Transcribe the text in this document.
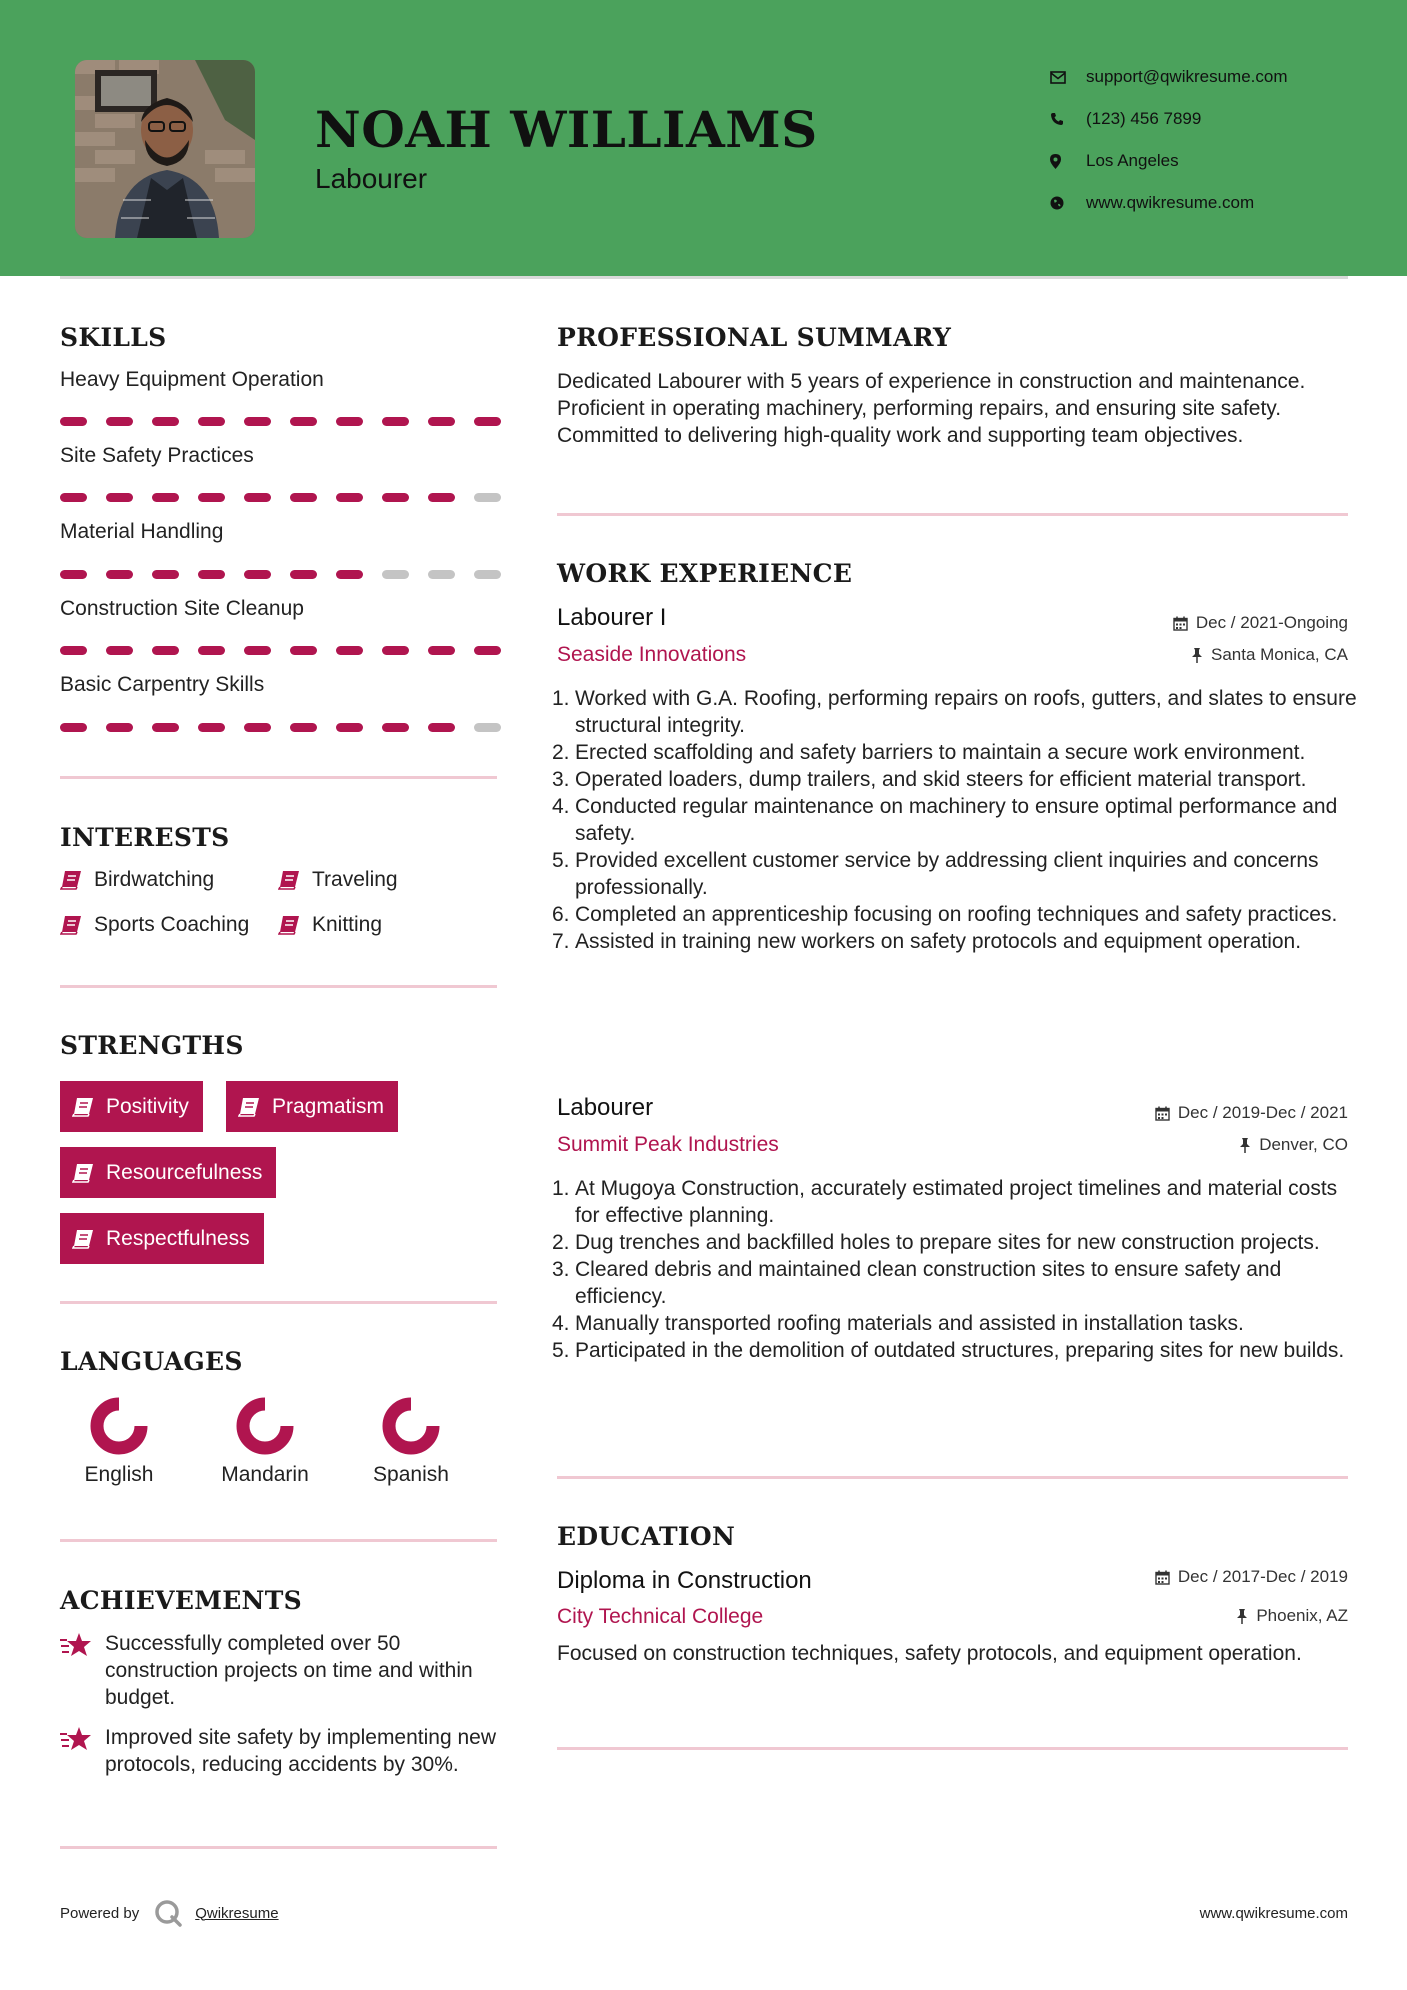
NOAH WILLIAMS
Labourer
support@qwikresume.com
(123) 456 7899
Los Angeles
www.qwikresume.com
SKILLS
Heavy Equipment Operation
Site Safety Practices
Material Handling
Construction Site Cleanup
Basic Carpentry Skills
INTERESTS
Birdwatching	Traveling
Sports Coaching	Knitting
STRENGTHS
Positivity	Pragmatism
Resourcefulness
Respectfulness
LANGUAGES
English	Mandarin	Spanish
ACHIEVEMENTS
Successfully completed over 50 construction projects on time and within budget.
Improved site safety by implementing new protocols, reducing accidents by 30%.
PROFESSIONAL SUMMARY
Dedicated Labourer with 5 years of experience in construction and maintenance. Proficient in operating machinery, performing repairs, and ensuring site safety. Committed to delivering high-quality work and supporting team objectives.
WORK EXPERIENCE
Labourer I	Dec / 2021-Ongoing
Seaside Innovations	Santa Monica, CA
1. Worked with G.A. Roofing, performing repairs on roofs, gutters, and slates to ensure structural integrity.
2. Erected scaffolding and safety barriers to maintain a secure work environment.
3. Operated loaders, dump trailers, and skid steers for efficient material transport.
4. Conducted regular maintenance on machinery to ensure optimal performance and safety.
5. Provided excellent customer service by addressing client inquiries and concerns professionally.
6. Completed an apprenticeship focusing on roofing techniques and safety practices.
7. Assisted in training new workers on safety protocols and equipment operation.
Labourer	Dec / 2019-Dec / 2021
Summit Peak Industries	Denver, CO
1. At Mugoya Construction, accurately estimated project timelines and material costs for effective planning.
2. Dug trenches and backfilled holes to prepare sites for new construction projects.
3. Cleared debris and maintained clean construction sites to ensure safety and efficiency.
4. Manually transported roofing materials and assisted in installation tasks.
5. Participated in the demolition of outdated structures, preparing sites for new builds.
EDUCATION
Diploma in Construction	Dec / 2017-Dec / 2019
City Technical College	Phoenix, AZ
Focused on construction techniques, safety protocols, and equipment operation.
Powered by	Qwikresume	www.qwikresume.com
